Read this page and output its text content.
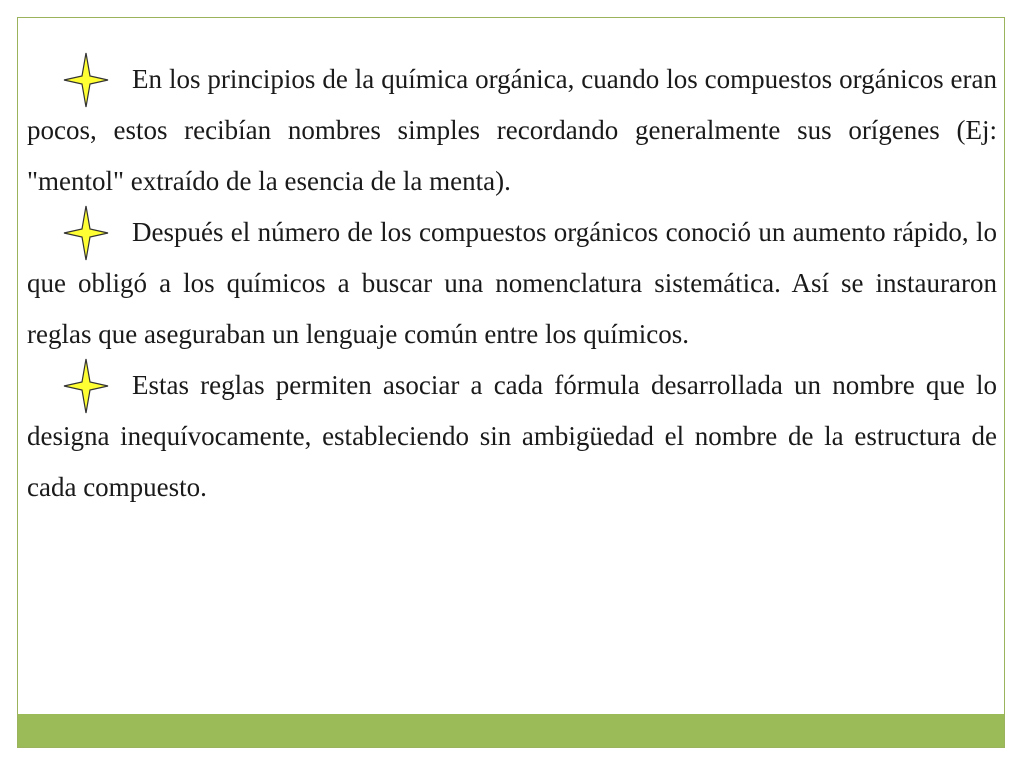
En los principios de la química orgánica, cuando los compuestos orgánicos eran pocos, estos recibían nombres simples recordando generalmente sus orígenes (Ej: "mentol" extraído de la esencia de la menta).

Después el número de los compuestos orgánicos conoció un aumento rápido, lo que obligó a los químicos a buscar una nomenclatura sistemática. Así se instauraron reglas que aseguraban un lenguaje común entre los químicos.

Estas reglas permiten asociar a cada fórmula desarrollada un nombre que lo designa inequívocamente, estableciendo sin ambigüedad el nombre de la estructura de cada compuesto.
